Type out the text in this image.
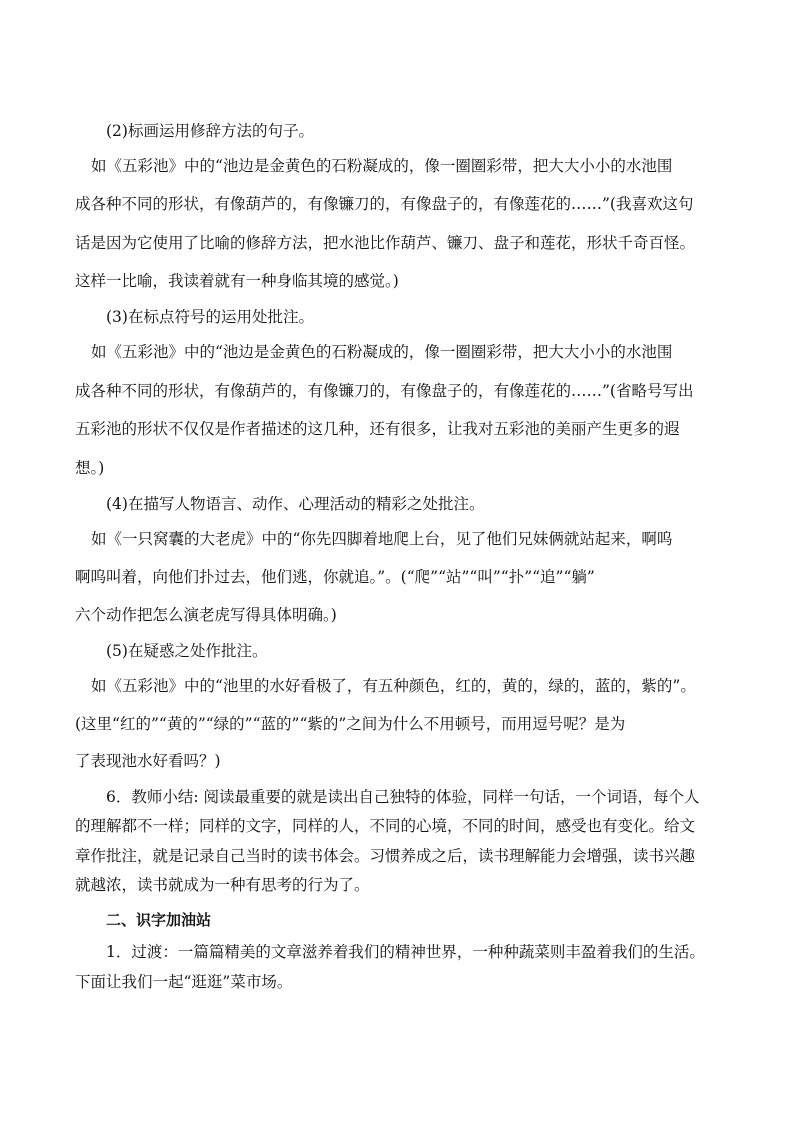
(2)标画运用修辞方法的句子。
如《五彩池》中的“池边是金黄色的石粉凝成的，像一圈圈彩带，把大大小小的水池围
成各种不同的形状，有像葫芦的，有像镰刀的，有像盘子的，有像莲花的……”(我喜欢这句
话是因为它使用了比喻的修辞方法，把水池比作葫芦、镰刀、盘子和莲花，形状千奇百怪。
这样一比喻，我读着就有一种身临其境的感觉。)
(3)在标点符号的运用处批注。
如《五彩池》中的“池边是金黄色的石粉凝成的，像一圈圈彩带，把大大小小的水池围
成各种不同的形状，有像葫芦的，有像镰刀的，有像盘子的，有像莲花的……”(省略号写出
五彩池的形状不仅仅是作者描述的这几种，还有很多，让我对五彩池的美丽产生更多的遐
想。)
(4)在描写人物语言、动作、心理活动的精彩之处批注。
如《一只窝囊的大老虎》中的“你先四脚着地爬上台，见了他们兄妹俩就站起来，啊呜
啊呜叫着，向他们扑过去，他们逃，你就追。”。(“爬”“站”“叫”“扑”“追”“躺”
六个动作把怎么演老虎写得具体明确。)
(5)在疑惑之处作批注。
如《五彩池》中的“池里的水好看极了，有五种颜色，红的，黄的，绿的，蓝的，紫的”。
(这里“红的”“黄的”“绿的”“蓝的”“紫的”之间为什么不用顿号，而用逗号呢？是为
了表现池水好看吗？)
6．教师小结: 阅读最重要的就是读出自己独特的体验，同样一句话，一个词语，每个人
的理解都不一样；同样的文字，同样的人，不同的心境，不同的时间，感受也有变化。给文
章作批注，就是记录自己当时的读书体会。习惯养成之后，读书理解能力会增强，读书兴趣
就越浓，读书就成为一种有思考的行为了。
二、识字加油站
1．过渡：一篇篇精美的文章滋养着我们的精神世界，一种种蔬菜则丰盈着我们的生活。
下面让我们一起“逛逛”菜市场。
